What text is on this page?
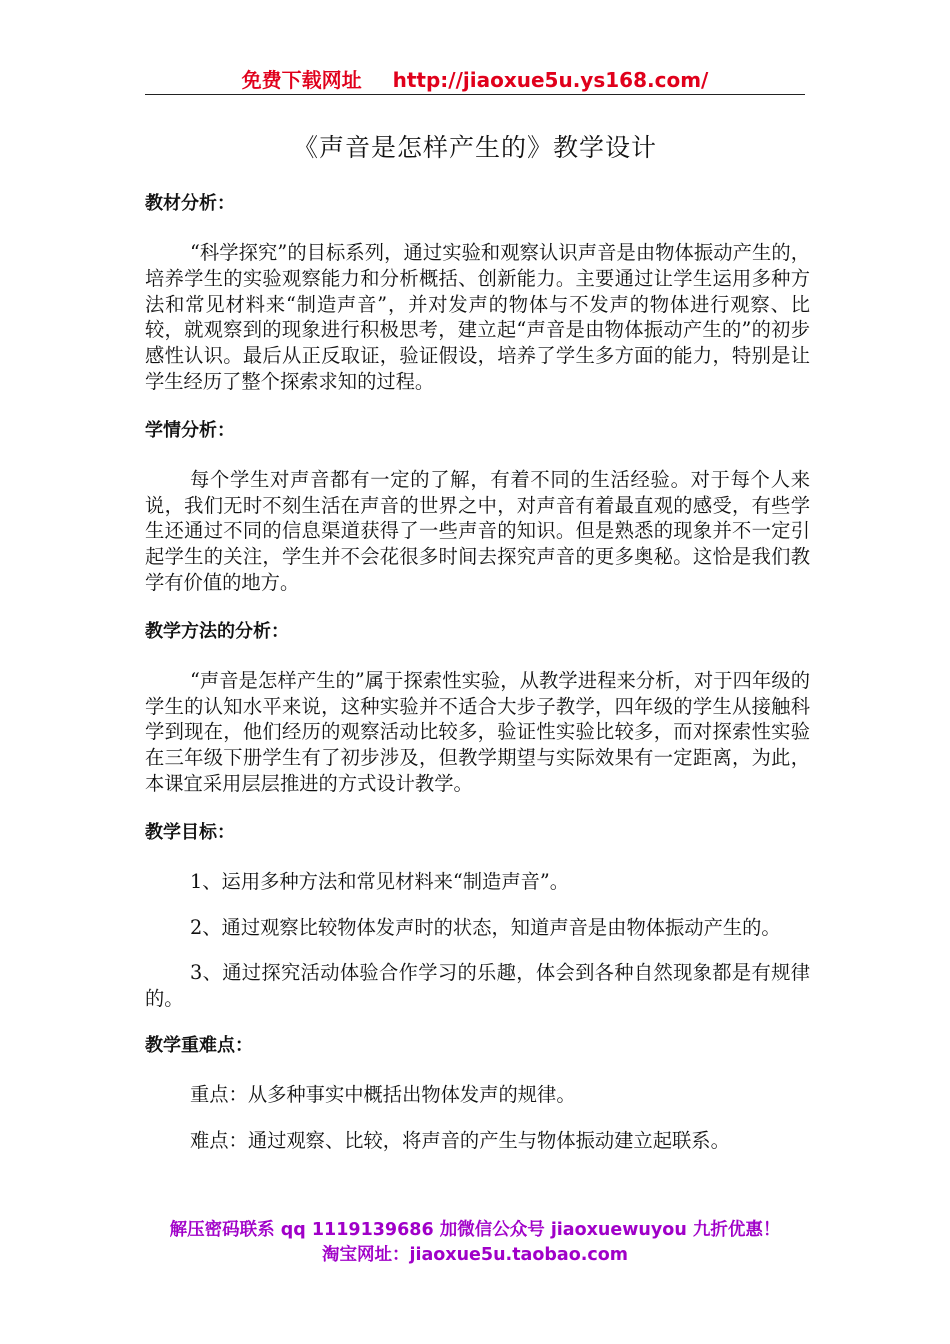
免费下载网址 http://jiaoxue5u.ys168.com/
《声音是怎样产生的》教学设计
教材分析：

“科学探究”的目标系列，通过实验和观察认识声音是由物体振动产生的，培养学生的实验观察能力和分析概括、创新能力。主要通过让学生运用多种方法和常见材料来“制造声音”，并对发声的物体与不发声的物体进行观察、比较，就观察到的现象进行积极思考，建立起“声音是由物体振动产生的”的初步感性认识。最后从正反取证，验证假设，培养了学生多方面的能力，特别是让学生经历了整个探索求知的过程。

学情分析：

每个学生对声音都有一定的了解，有着不同的生活经验。对于每个人来说，我们无时不刻生活在声音的世界之中，对声音有着最直观的感受，有些学生还通过不同的信息渠道获得了一些声音的知识。但是熟悉的现象并不一定引起学生的关注，学生并不会花很多时间去探究声音的更多奥秘。这恰是我们教学有价值的地方。

教学方法的分析：

“声音是怎样产生的”属于探索性实验，从教学进程来分析，对于四年级的学生的认知水平来说，这种实验并不适合大步子教学，四年级的学生从接触科学到现在，他们经历的观察活动比较多，验证性实验比较多，而对探索性实验在三年级下册学生有了初步涉及，但教学期望与实际效果有一定距离，为此，本课宜采用层层推进的方式设计教学。

教学目标：

1、运用多种方法和常见材料来“制造声音”。

2、通过观察比较物体发声时的状态，知道声音是由物体振动产生的。

3、通过探究活动体验合作学习的乐趣，体会到各种自然现象都是有规律的。

教学重难点：

重点：从多种事实中概括出物体发声的规律。

难点：通过观察、比较，将声音的产生与物体振动建立起联系。

解压密码联系 qq 1119139686 加微信公众号 jiaoxuewuyou 九折优惠！
淘宝网址：jiaoxue5u.taobao.com
